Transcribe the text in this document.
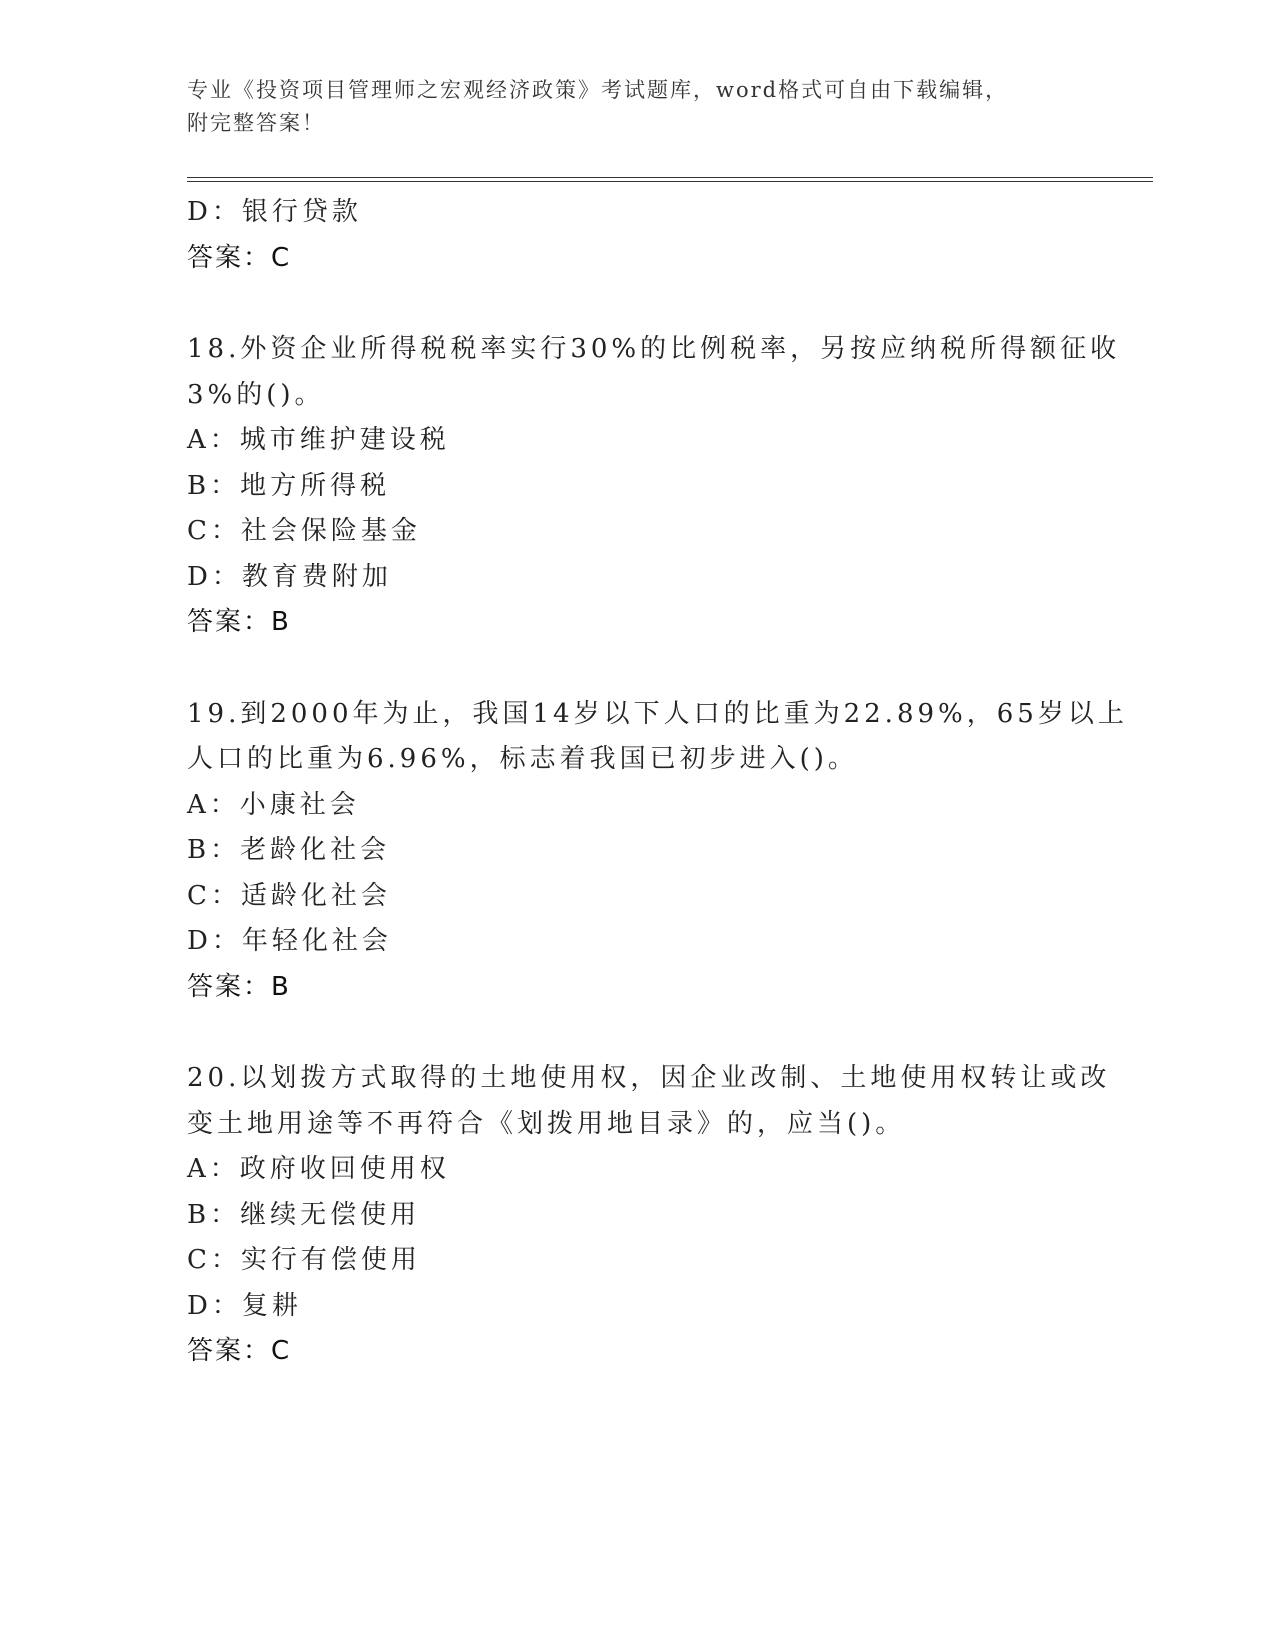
专业《投资项目管理师之宏观经济政策》考试题库，word格式可自由下载编辑，
附完整答案！
D：银行贷款
答案：C
18.外资企业所得税税率实行30%的比例税率，另按应纳税所得额征收
3%的()。
A：城市维护建设税
B：地方所得税
C：社会保险基金
D：教育费附加
答案：B
19.到2000年为止，我国14岁以下人口的比重为22.89%，65岁以上
人口的比重为6.96%，标志着我国已初步进入()。
A：小康社会
B：老龄化社会
C：适龄化社会
D：年轻化社会
答案：B
20.以划拨方式取得的土地使用权，因企业改制、土地使用权转让或改
变土地用途等不再符合《划拨用地目录》的，应当()。
A：政府收回使用权
B：继续无偿使用
C：实行有偿使用
D：复耕
答案：C
